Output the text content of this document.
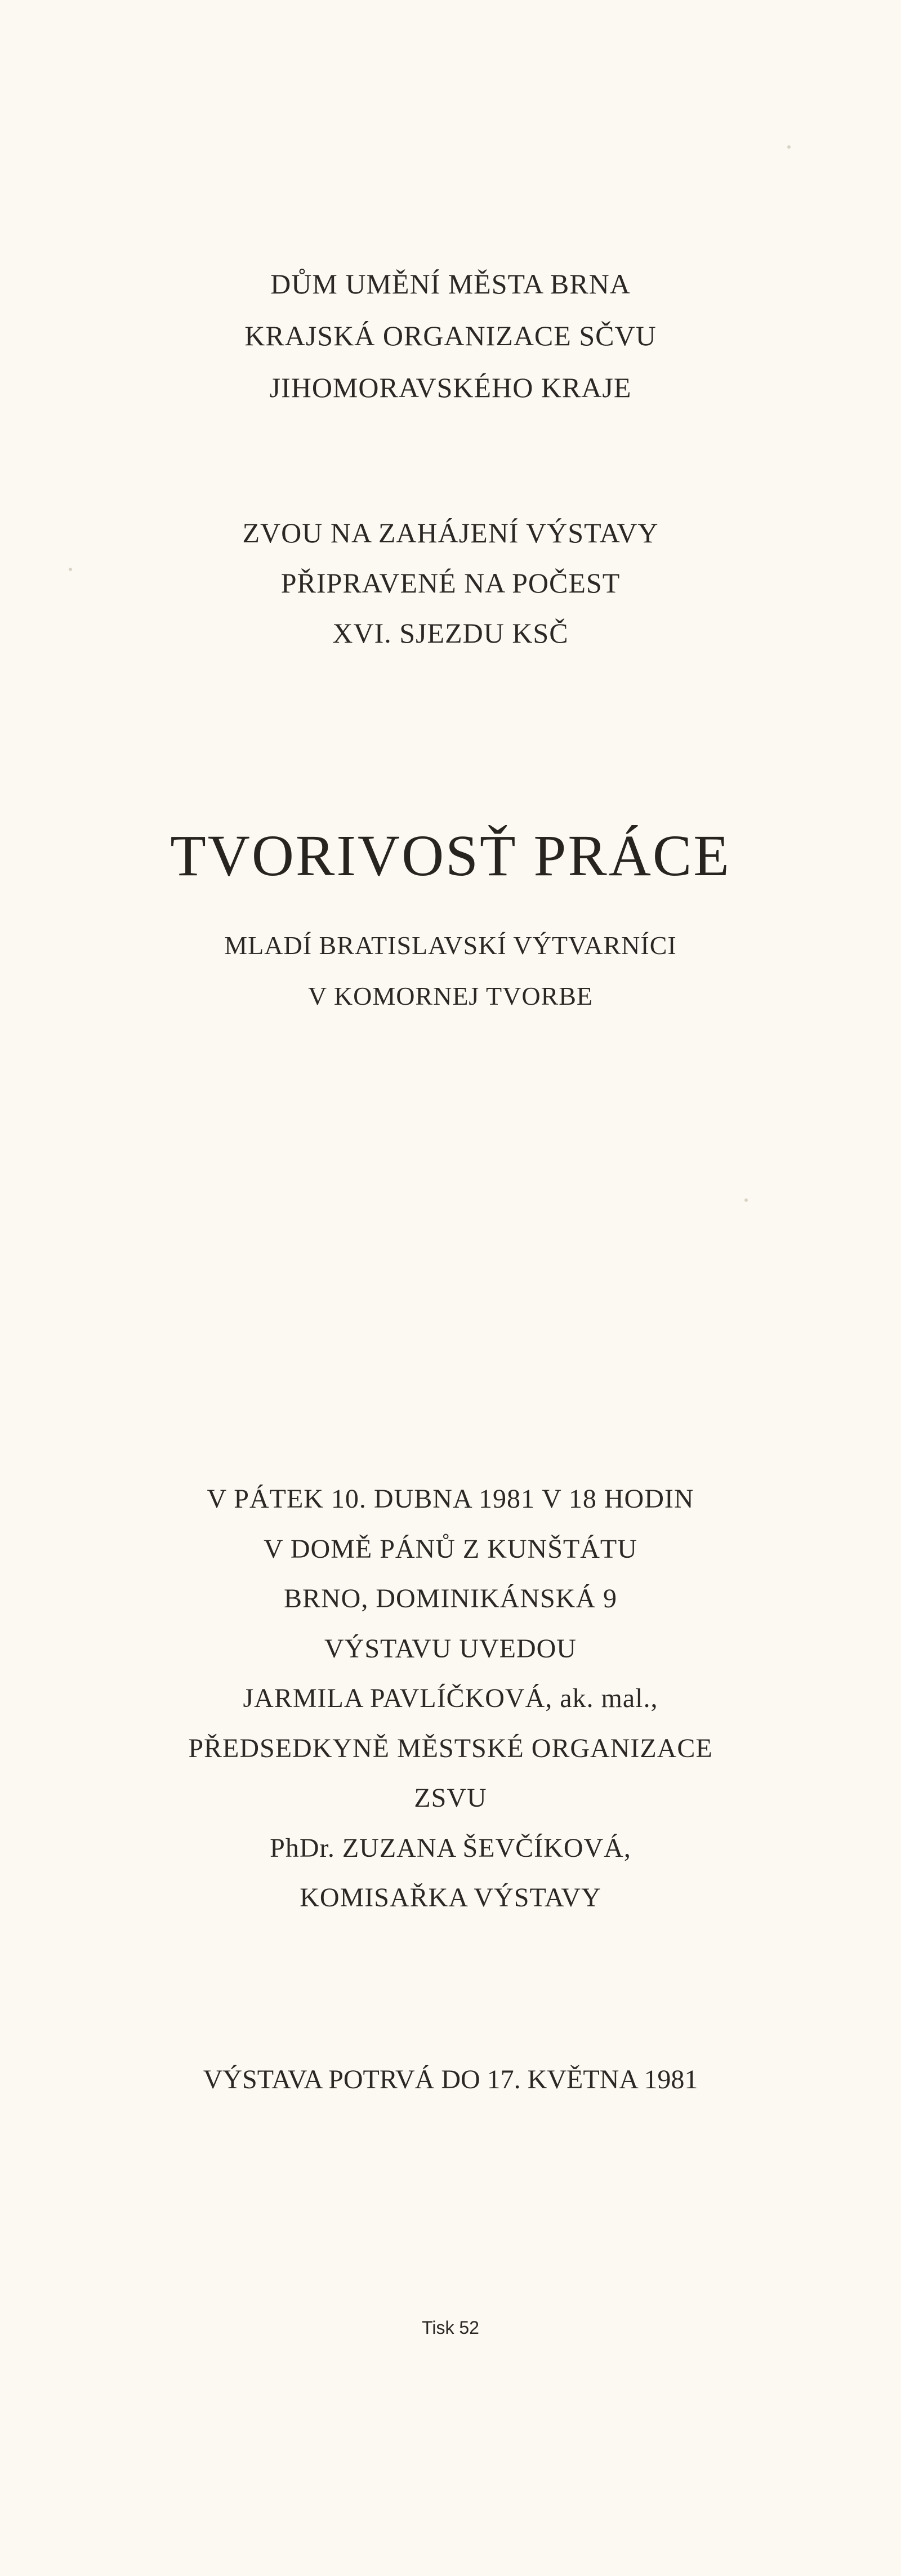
DŮM UMĚNÍ MĚSTA BRNA
KRAJSKÁ ORGANIZACE SČVU
JIHOMORAVSKÉHO KRAJE
ZVOU NA ZAHÁJENÍ VÝSTAVY
PŘIPRAVENÉ NA POČEST
XVI. SJEZDU KSČ
TVORIVOSŤ PRÁCE
MLADÍ BRATISLAVSKÍ VÝTVARNÍCI
V KOMORNEJ TVORBE
V PÁTEK 10. DUBNA 1981 V 18 HODIN
V DOMĚ PÁNŮ Z KUNŠTÁTU
BRNO, DOMINIKÁNSKÁ 9
VÝSTAVU UVEDOU
JARMILA PAVLÍČKOVÁ, ak. mal.,
PŘEDSEDKYNĚ MĚSTSKÉ ORGANIZACE
ZSVU
PhDr. ZUZANA ŠEVČÍKOVÁ,
KOMISAŘKA VÝSTAVY
VÝSTAVA POTRVÁ DO 17. KVĚTNA 1981
Tisk 52
